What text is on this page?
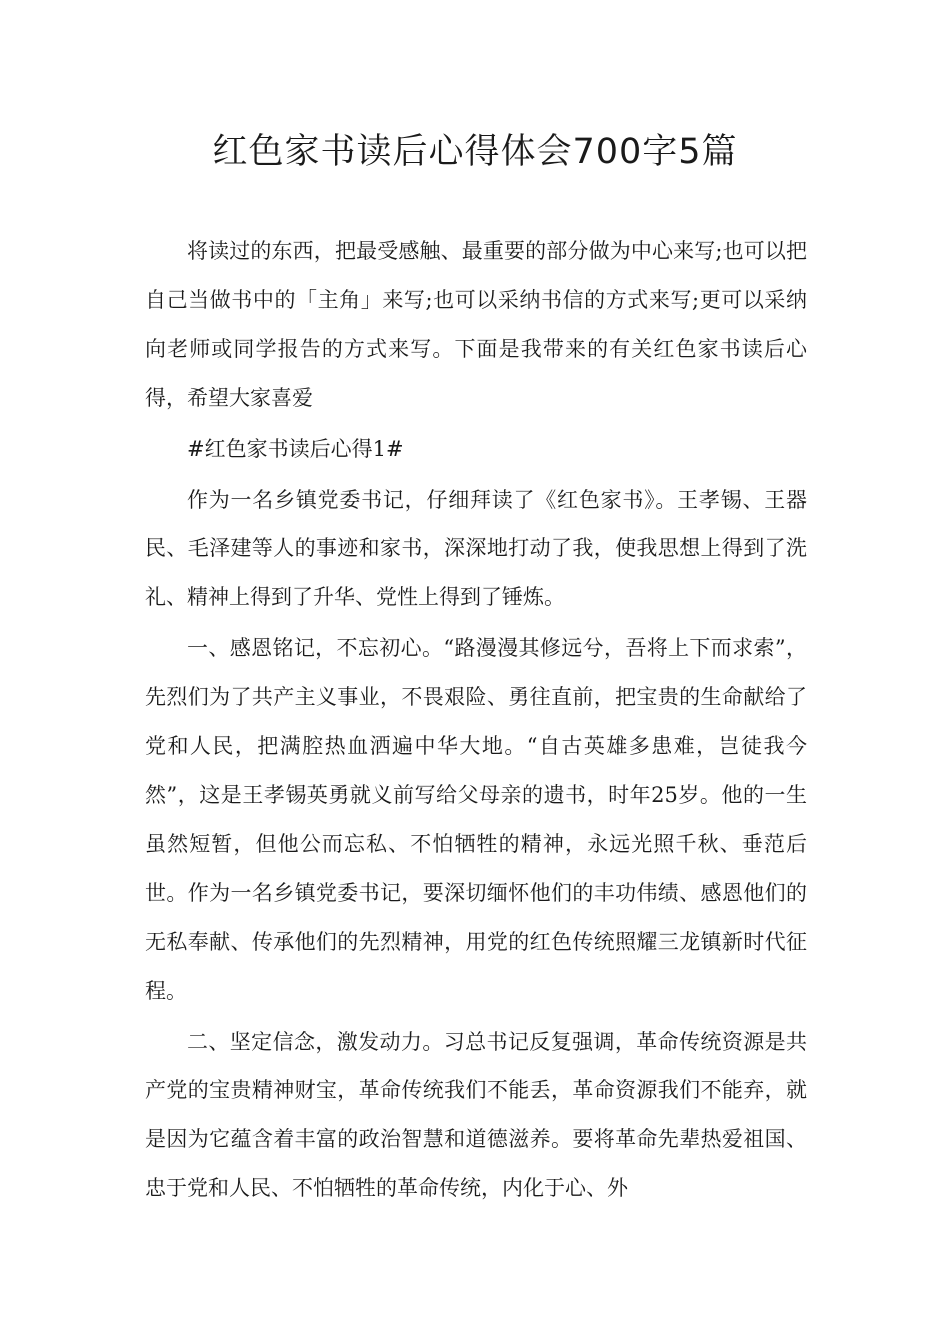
红色家书读后心得体会700字5篇

将读过的东西，把最受感触、最重要的部分做为中心来写;也可以把自己当做书中的「主角」来写;也可以采纳书信的方式来写;更可以采纳向老师或同学报告的方式来写。下面是我带来的有关红色家书读后心得，希望大家喜爱

#红色家书读后心得1#

作为一名乡镇党委书记，仔细拜读了《红色家书》。王孝锡、王器民、毛泽建等人的事迹和家书，深深地打动了我，使我思想上得到了洗礼、精神上得到了升华、党性上得到了锤炼。

一、感恩铭记，不忘初心。“路漫漫其修远兮，吾将上下而求索”，先烈们为了共产主义事业，不畏艰险、勇往直前，把宝贵的生命献给了党和人民，把满腔热血洒遍中华大地。“自古英雄多患难，岂徒我今然”，这是王孝锡英勇就义前写给父母亲的遗书，时年25岁。他的一生虽然短暂，但他公而忘私、不怕牺牲的精神，永远光照千秋、垂范后世。作为一名乡镇党委书记，要深切缅怀他们的丰功伟绩、感恩他们的无私奉献、传承他们的先烈精神，用党的红色传统照耀三龙镇新时代征程。

二、坚定信念，激发动力。习总书记反复强调，革命传统资源是共产党的宝贵精神财宝，革命传统我们不能丢，革命资源我们不能弃，就是因为它蕴含着丰富的政治智慧和道德滋养。要将革命先辈热爱祖国、忠于党和人民、不怕牺牲的革命传统，内化于心、外
